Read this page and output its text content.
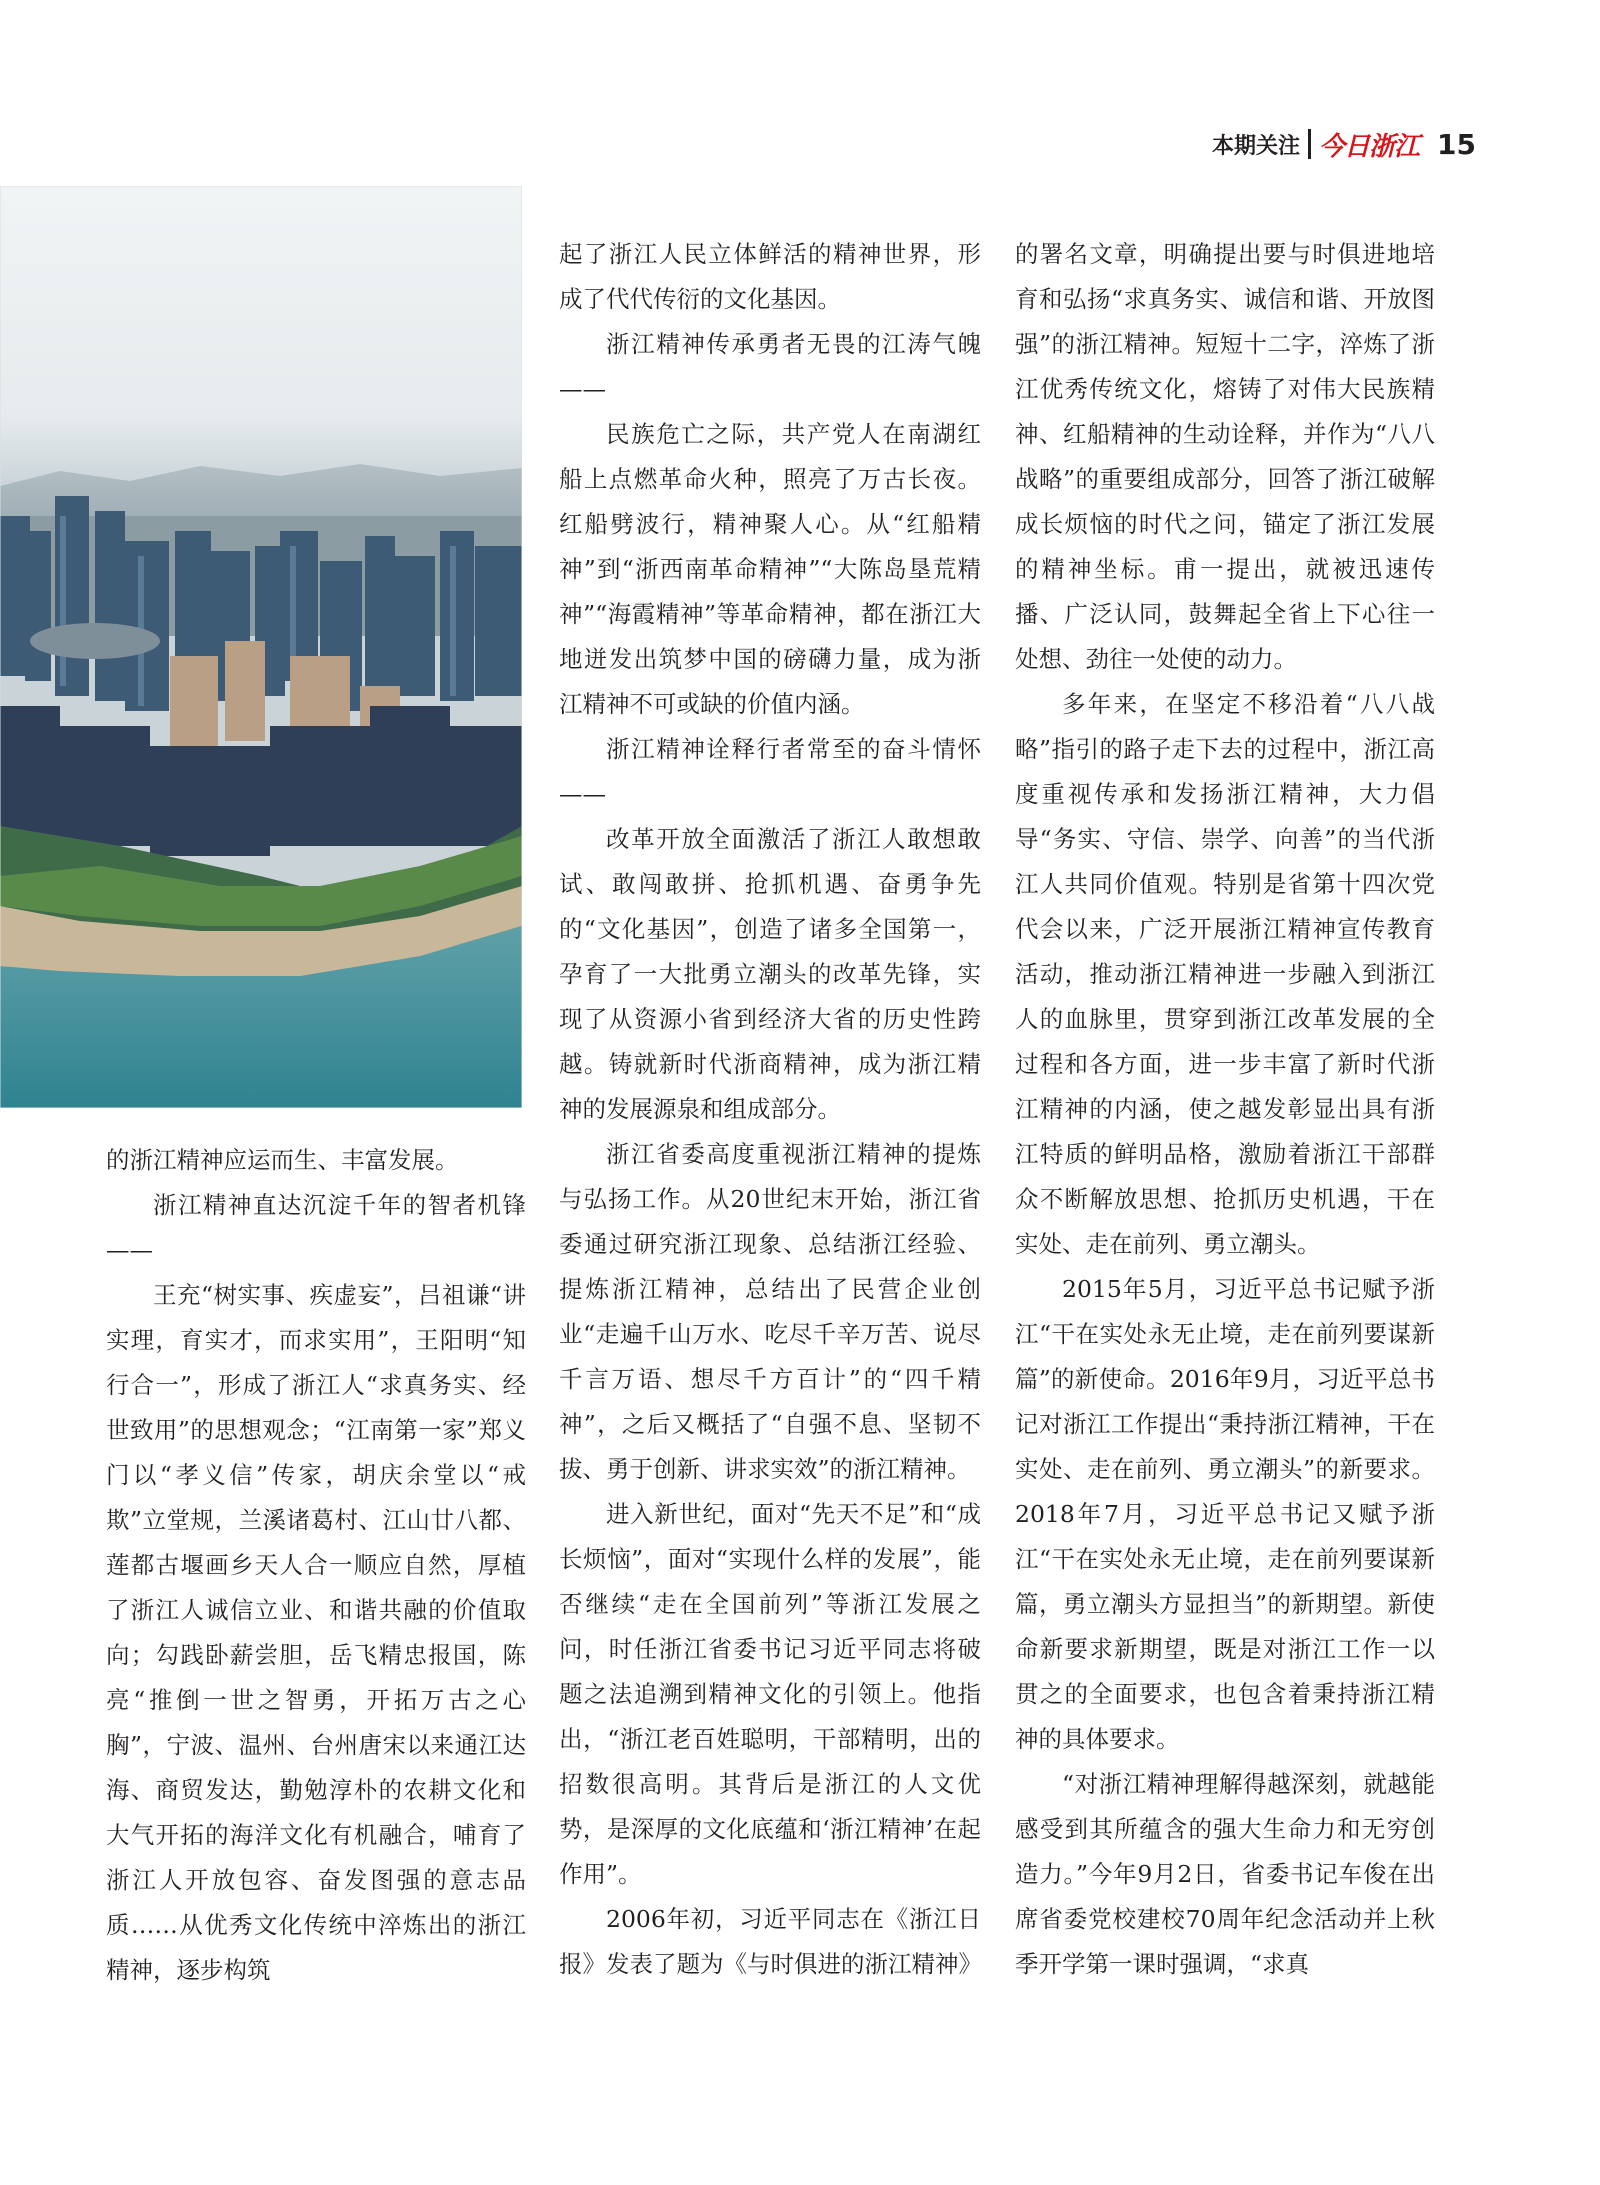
本期关注 今日浙江 15

的浙江精神应运而生、丰富发展。

浙江精神直达沉淀千年的智者机锋——

王充“树实事、疾虚妄”，吕祖谦“讲实理，育实才，而求实用”，王阳明“知行合一”，形成了浙江人“求真务实、经世致用”的思想观念；“江南第一家”郑义门以“孝义信”传家，胡庆余堂以“戒欺”立堂规，兰溪诸葛村、江山廿八都、莲都古堰画乡天人合一顺应自然，厚植了浙江人诚信立业、和谐共融的价值取向；勾践卧薪尝胆，岳飞精忠报国，陈亮“推倒一世之智勇，开拓万古之心胸”，宁波、温州、台州唐宋以来通江达海、商贸发达，勤勉淳朴的农耕文化和大气开拓的海洋文化有机融合，哺育了浙江人开放包容、奋发图强的意志品质……从优秀文化传统中淬炼出的浙江精神，逐步构筑

起了浙江人民立体鲜活的精神世界，形成了代代传衍的文化基因。

浙江精神传承勇者无畏的江涛气魄——

民族危亡之际，共产党人在南湖红船上点燃革命火种，照亮了万古长夜。红船劈波行，精神聚人心。从“红船精神”到“浙西南革命精神”“大陈岛垦荒精神”“海霞精神”等革命精神，都在浙江大地迸发出筑梦中国的磅礴力量，成为浙江精神不可或缺的价值内涵。

浙江精神诠释行者常至的奋斗情怀——

改革开放全面激活了浙江人敢想敢试、敢闯敢拼、抢抓机遇、奋勇争先的“文化基因”，创造了诸多全国第一，孕育了一大批勇立潮头的改革先锋，实现了从资源小省到经济大省的历史性跨越。铸就新时代浙商精神，成为浙江精神的发展源泉和组成部分。

浙江省委高度重视浙江精神的提炼与弘扬工作。从20世纪末开始，浙江省委通过研究浙江现象、总结浙江经验、提炼浙江精神，总结出了民营企业创业“走遍千山万水、吃尽千辛万苦、说尽千言万语、想尽千方百计”的“四千精神”，之后又概括了“自强不息、坚韧不拔、勇于创新、讲求实效”的浙江精神。

进入新世纪，面对“先天不足”和“成长烦恼”，面对“实现什么样的发展”，能否继续“走在全国前列”等浙江发展之问，时任浙江省委书记习近平同志将破题之法追溯到精神文化的引领上。他指出，“浙江老百姓聪明，干部精明，出的招数很高明。其背后是浙江的人文优势，是深厚的文化底蕴和‘浙江精神’在起作用”。

2006年初，习近平同志在《浙江日报》发表了题为《与时俱进的浙江精神》

的署名文章，明确提出要与时俱进地培育和弘扬“求真务实、诚信和谐、开放图强”的浙江精神。短短十二字，淬炼了浙江优秀传统文化，熔铸了对伟大民族精神、红船精神的生动诠释，并作为“八八战略”的重要组成部分，回答了浙江破解成长烦恼的时代之问，锚定了浙江发展的精神坐标。甫一提出，就被迅速传播、广泛认同，鼓舞起全省上下心往一处想、劲往一处使的动力。

多年来，在坚定不移沿着“八八战略”指引的路子走下去的过程中，浙江高度重视传承和发扬浙江精神，大力倡导“务实、守信、崇学、向善”的当代浙江人共同价值观。特别是省第十四次党代会以来，广泛开展浙江精神宣传教育活动，推动浙江精神进一步融入到浙江人的血脉里，贯穿到浙江改革发展的全过程和各方面，进一步丰富了新时代浙江精神的内涵，使之越发彰显出具有浙江特质的鲜明品格，激励着浙江干部群众不断解放思想、抢抓历史机遇，干在实处、走在前列、勇立潮头。

2015年5月，习近平总书记赋予浙江“干在实处永无止境，走在前列要谋新篇”的新使命。2016年9月，习近平总书记对浙江工作提出“秉持浙江精神，干在实处、走在前列、勇立潮头”的新要求。2018年7月，习近平总书记又赋予浙江“干在实处永无止境，走在前列要谋新篇，勇立潮头方显担当”的新期望。新使命新要求新期望，既是对浙江工作一以贯之的全面要求，也包含着秉持浙江精神的具体要求。

“对浙江精神理解得越深刻，就越能感受到其所蕴含的强大生命力和无穷创造力。”今年9月2日，省委书记车俊在出席省委党校建校70周年纪念活动并上秋季开学第一课时强调，“求真
